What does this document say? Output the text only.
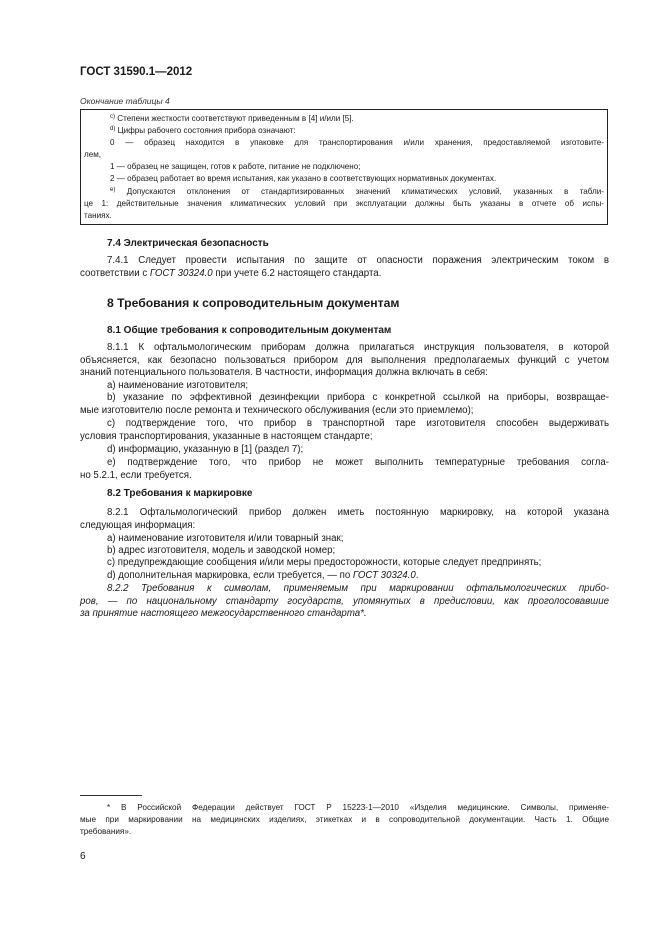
ГОСТ 31590.1—2012
Окончание таблицы 4
$^{c)}$ Степени жесткости соответствуют приведенным в [4] и/или [5].
$^{d)}$ Цифры рабочего состояния прибора означают:
0 — образец находится в упаковке для транспортирования и/или хранения, предоставляемой изготовите-
лем,
1 — образец не защищен, готов к работе, питание не подключено;
2 — образец работает во время испытания, как указано в соответствующих нормативных документах.
$^{e)}$ Допускаются отклонения от стандартизированных значений климатических условий, указанных в табли-
це 1: действительные значения климатических условий при эксплуатации должны быть указаны в отчете об испы-
таниях.
7.4 Электрическая безопасность
7.4.1 Следует провести испытания по защите от опасности поражения электрическим током в
соответствии с ГОСТ 30324.0 при учете 6.2 настоящего стандарта.
8 Требования к сопроводительным документам
8.1 Общие требования к сопроводительным документам
8.1.1 К офтальмологическим приборам должна прилагаться инструкция пользователя, в которой
объясняется, как безопасно пользоваться прибором для выполнения предполагаемых функций с учетом
знаний потенциального пользователя. В частности, информация должна включать в себя:
a) наименование изготовителя;
b) указание по эффективной дезинфекции прибора с конкретной ссылкой на приборы, возвращае-
мые изготовителю после ремонта и технического обслуживания (если это приемлемо);
c) подтверждение того, что прибор в транспортной таре изготовителя способен выдерживать
условия транспортирования, указанные в настоящем стандарте;
d) информацию, указанную в [1] (раздел 7);
e) подтверждение того, что прибор не может выполнить температурные требования согла-
но 5.2.1, если требуется.
8.2 Требования к маркировке
8.2.1 Офтальмологический прибор должен иметь постоянную маркировку, на которой указана
следующая информация:
a) наименование изготовителя и/или товарный знак;
b) адрес изготовителя, модель и заводской номер;
c) предупреждающие сообщения и/или меры предосторожности, которые следует предпринять;
d) дополнительная маркировка, если требуется, — по ГОСТ 30324.0.
8.2.2 Требования к символам, применяемым при маркировании офтальмологических прибо-
ров, — по национальному стандарту государств, упомянутых в предисловии, как проголосовавшие
за принятие настоящего межгосударственного стандарта*.
* В Российской Федерации действует ГОСТ Р 15223-1—2010 «Изделия медицинские. Символы, применяе-
мые при маркировании на медицинских изделиях, этикетках и в сопроводительной документации. Часть 1. Общие
требования».
6
